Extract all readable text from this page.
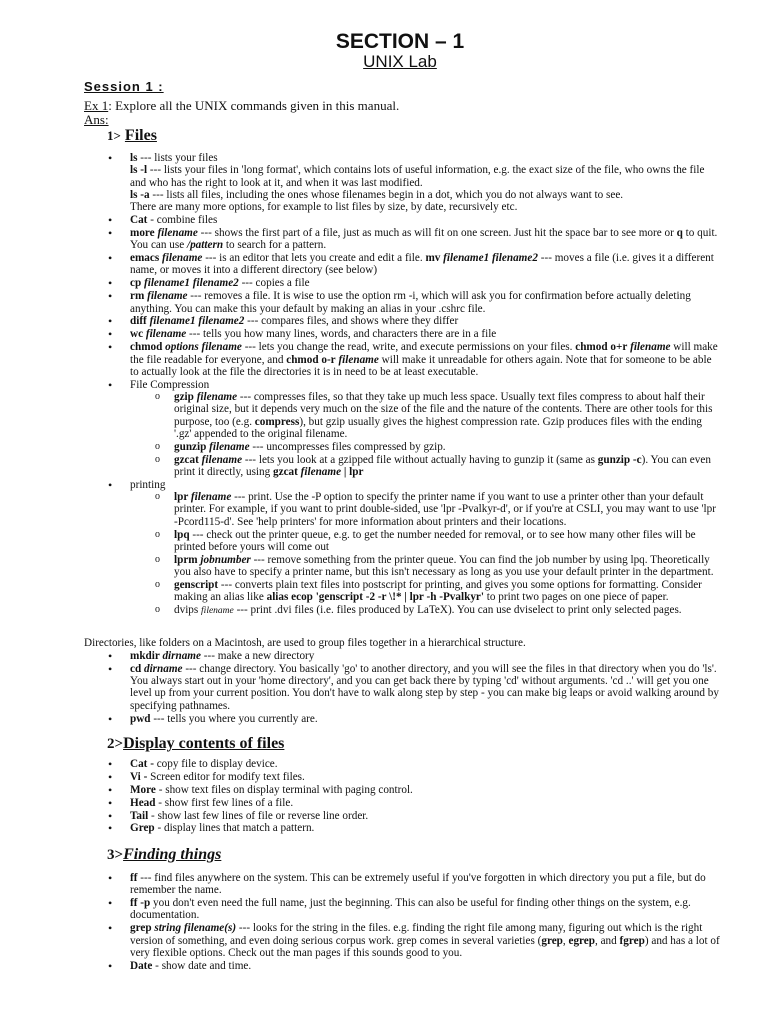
SECTION – 1
UNIX Lab
Session 1 :
Ex 1: Explore all the UNIX commands given in this manual.
Ans:
1> Files
• ls --- lists your files
ls -l --- lists your files in 'long format', which contains lots of useful information, e.g. the exact size of the file, who owns the file and who has the right to look at it, and when it was last modified.
ls -a --- lists all files, including the ones whose filenames begin in a dot, which you do not always want to see.
There are many more options, for example to list files by size, by date, recursively etc.
• Cat - combine files
• more filename --- shows the first part of a file, just as much as will fit on one screen. Just hit the space bar to see more or q to quit. You can use /pattern to search for a pattern.
• emacs filename --- is an editor that lets you create and edit a file. mv filename1 filename2 --- moves a file (i.e. gives it a different name, or moves it into a different directory (see below)
• cp filename1 filename2 --- copies a file
• rm filename --- removes a file. It is wise to use the option rm -i, which will ask you for confirmation before actually deleting anything. You can make this your default by making an alias in your .cshrc file.
• diff filename1 filename2 --- compares files, and shows where they differ
• wc filename --- tells you how many lines, words, and characters there are in a file
• chmod options filename --- lets you change the read, write, and execute permissions on your files. chmod o+r filename will make the file readable for everyone, and chmod o-r filename will make it unreadable for others again. Note that for someone to be able to actually look at the file the directories it is in need to be at least executable.
• File Compression
o gzip filename --- compresses files, so that they take up much less space. Usually text files compress to about half their original size, but it depends very much on the size of the file and the nature of the contents. There are other tools for this purpose, too (e.g. compress), but gzip usually gives the highest compression rate. Gzip produces files with the ending '.gz' appended to the original filename.
o gunzip filename --- uncompresses files compressed by gzip.
o gzcat filename --- lets you look at a gzipped file without actually having to gunzip it (same as gunzip -c). You can even print it directly, using gzcat filename | lpr
• printing
o lpr filename --- print. Use the -P option to specify the printer name if you want to use a printer other than your default printer. For example, if you want to print double-sided, use 'lpr -Pvalkyr-d', or if you're at CSLI, you may want to use 'lpr -Pcord115-d'. See 'help printers' for more information about printers and their locations.
o lpq --- check out the printer queue, e.g. to get the number needed for removal, or to see how many other files will be printed before yours will come out
o lprm jobnumber --- remove something from the printer queue. You can find the job number by using lpq. Theoretically you also have to specify a printer name, but this isn't necessary as long as you use your default printer in the department.
o genscript --- converts plain text files into postscript for printing, and gives you some options for formatting. Consider making an alias like alias ecop 'genscript -2 -r \!* | lpr -h -Pvalkyr' to print two pages on one piece of paper.
o dvips filename --- print .dvi files (i.e. files produced by LaTeX). You can use dviselect to print only selected pages.
Directories, like folders on a Macintosh, are used to group files together in a hierarchical structure.
• mkdir dirname --- make a new directory
• cd dirname --- change directory. You basically 'go' to another directory, and you will see the files in that directory when you do 'ls'. You always start out in your 'home directory', and you can get back there by typing 'cd' without arguments. 'cd ..' will get you one level up from your current position. You don't have to walk along step by step - you can make big leaps or avoid walking around by specifying pathnames.
• pwd --- tells you where you currently are.
2>Display contents of files
• Cat - copy file to display device.
• Vi - Screen editor for modify text files.
• More - show text files on display terminal with paging control.
• Head - show first few lines of a file.
• Tail - show last few lines of file or reverse line order.
• Grep - display lines that match a pattern.
3>Finding things
• ff --- find files anywhere on the system. This can be extremely useful if you've forgotten in which directory you put a file, but do remember the name.
• ff -p you don't even need the full name, just the beginning. This can also be useful for finding other things on the system, e.g. documentation.
• grep string filename(s) --- looks for the string in the files. e.g. finding the right file among many, figuring out which is the right version of something, and even doing serious corpus work. grep comes in several varieties (grep, egrep, and fgrep) and has a lot of very flexible options. Check out the man pages if this sounds good to you.
• Date - show date and time.
